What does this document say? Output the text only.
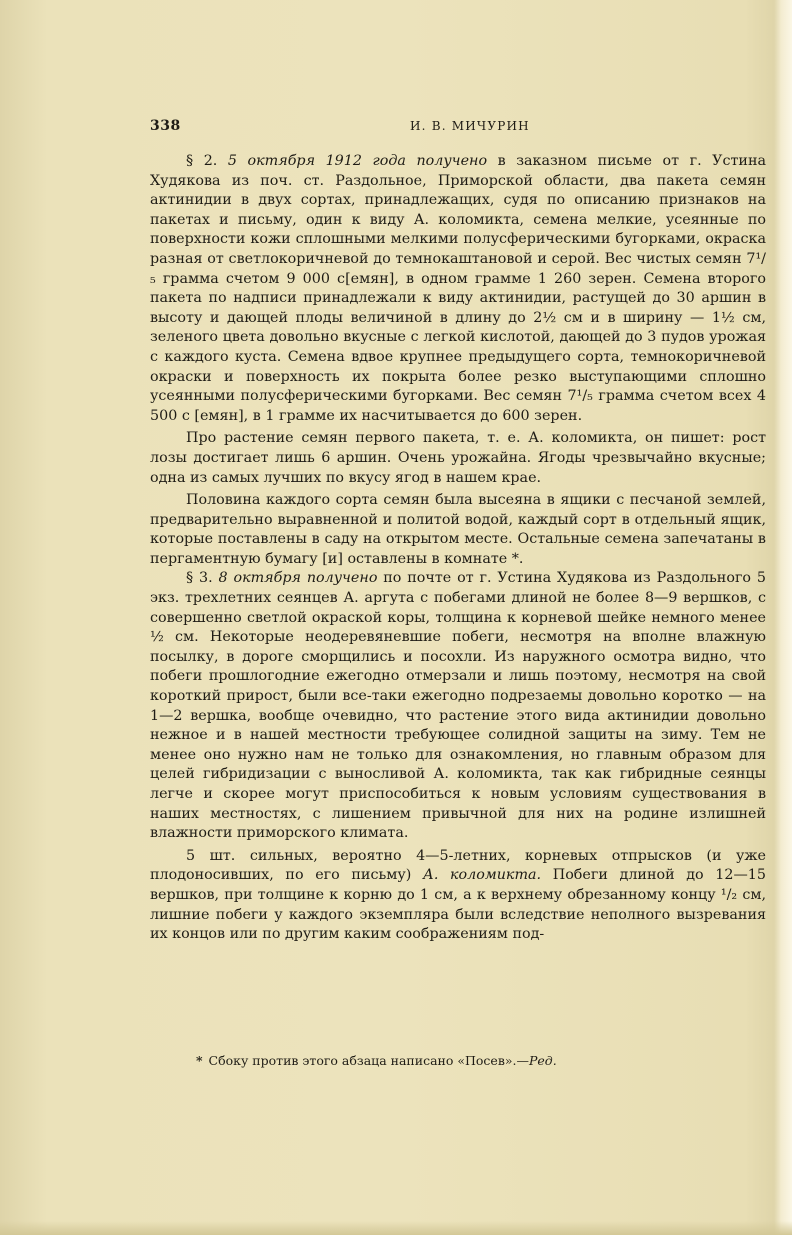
338	И. В. МИЧУРИН

§ 2. 5 октября 1912 года получено в заказном письме от г. Устина Худякова из поч. ст. Раздольное, Приморской области, два пакета семян актинидии в двух сортах, принадлежащих, судя по описанию признаков на пакетах и письму, один к виду А. коломикта, семена мелкие, усеянные по поверхности кожи сплошными мелкими полусферическими бугорками, окраска разная от светлокоричневой до темнокаштановой и серой. Вес чистых семян 7¹/₅ грамма счетом 9 000 с[емян], в одном грамме 1 260 зерен. Семена второго пакета по надписи принадлежали к виду актинидии, растущей до 30 аршин в высоту и дающей плоды величиной в длину до 2½ см и в ширину — 1½ см, зеленого цвета довольно вкусные с легкой кислотой, дающей до 3 пудов урожая с каждого куста. Семена вдвое крупнее предыдущего сорта, темнокоричневой окраски и поверхность их покрыта более резко выступающими сплошно усеянными полусферическими бугорками. Вес семян 7¹/₅ грамма счетом всех 4 500 с [емян], в 1 грамме их насчитывается до 600 зерен.

Про растение семян первого пакета, т. е. А. коломикта, он пишет: рост лозы достигает лишь 6 аршин. Очень урожайна. Ягоды чрезвычайно вкусные; одна из самых лучших по вкусу ягод в нашем крае.

Половина каждого сорта семян была высеяна в ящики с песчаной землей, предварительно выравненной и политой водой, каждый сорт в отдельный ящик, которые поставлены в саду на открытом месте. Остальные семена запечатаны в пергаментную бумагу [и] оставлены в комнате *.

§ 3. 8 октября получено по почте от г. Устина Худякова из Раздольного 5 экз. трехлетних сеянцев А. аргута с побегами длиной не более 8—9 вершков, с совершенно светлой окраской коры, толщина к корневой шейке немного менее ½ см. Некоторые неодеревяневшие побеги, несмотря на вполне влажную посылку, в дороге сморщились и посохли. Из наружного осмотра видно, что побеги прошлогодние ежегодно отмерзали и лишь поэтому, несмотря на свой короткий прирост, были все-таки ежегодно подрезаемы довольно коротко — на 1—2 вершка, вообще очевидно, что растение этого вида актинидии довольно нежное и в нашей местности требующее солидной защиты на зиму. Тем не менее оно нужно нам не только для ознакомления, но главным образом для целей гибридизации с выносливой А. коломикта, так как гибридные сеянцы легче и скорее могут приспособиться к новым условиям существования в наших местностях, с лишением привычной для них на родине излишней влажности приморского климата.

5 шт. сильных, вероятно 4—5-летних, корневых отпрысков (и уже плодоносивших, по его письму) А. коломикта. Побеги длиной до 12—15 вершков, при толщине к корню до 1 см, а к верхнему обрезанному концу ¹/₂ см, лишние побеги у каждого экземпляра были вследствие неполного вызревания их концов или по другим каким соображениям под-

* Сбоку против этого абзаца написано «Посев».—Ред.
